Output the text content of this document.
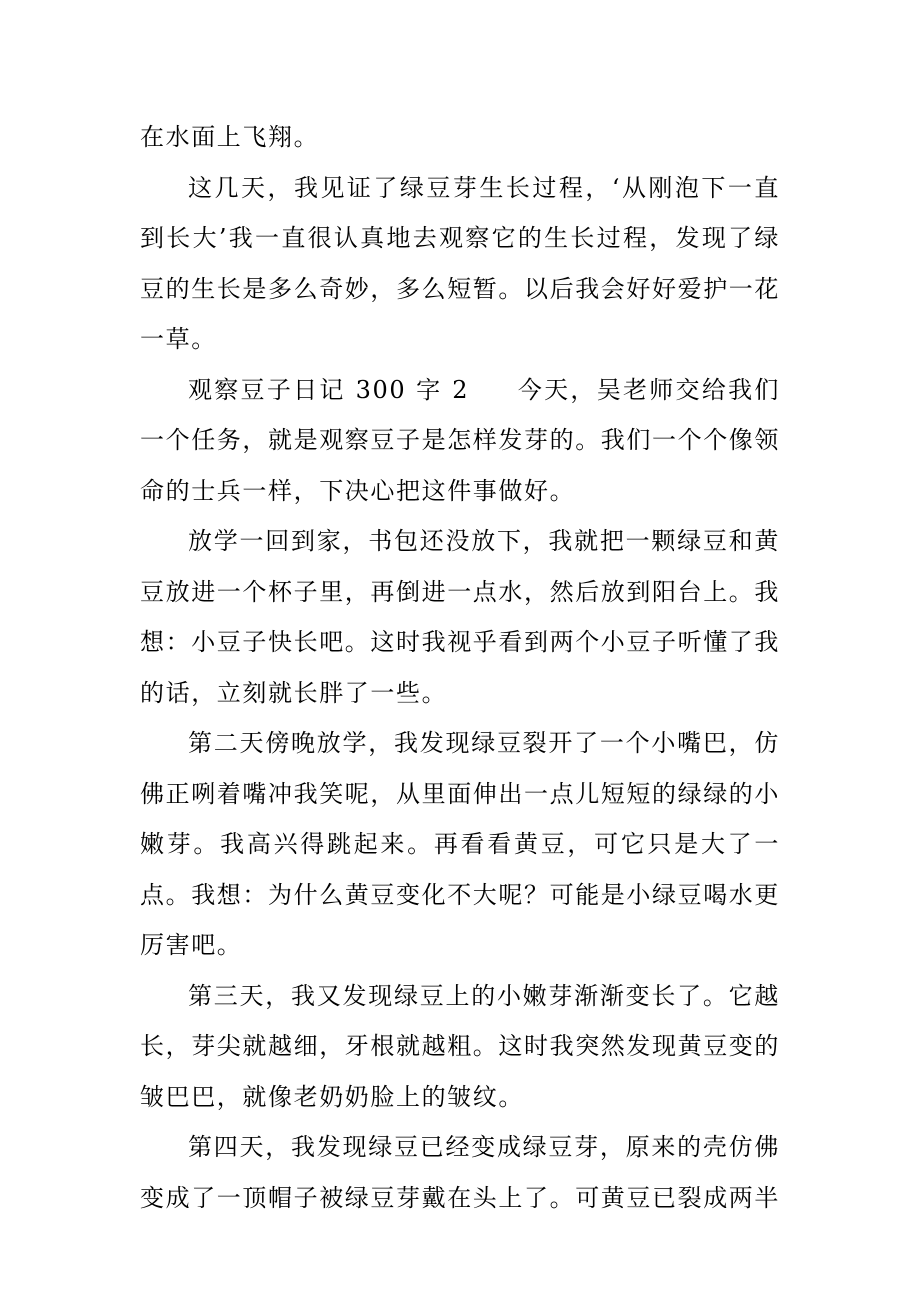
在水面上飞翔。

这几天，我见证了绿豆芽生长过程，‘从刚泡下一直到长大’我一直很认真地去观察它的生长过程，发现了绿豆的生长是多么奇妙，多么短暂。以后我会好好爱护一花一草。

观察豆子日记 300 字 2 今天，吴老师交给我们一个任务，就是观察豆子是怎样发芽的。我们一个个像领命的士兵一样，下决心把这件事做好。

放学一回到家，书包还没放下，我就把一颗绿豆和黄豆放进一个杯子里，再倒进一点水，然后放到阳台上。我想：小豆子快长吧。这时我视乎看到两个小豆子听懂了我的话，立刻就长胖了一些。

第二天傍晚放学，我发现绿豆裂开了一个小嘴巴，仿佛正咧着嘴冲我笑呢，从里面伸出一点儿短短的绿绿的小嫩芽。我高兴得跳起来。再看看黄豆，可它只是大了一点。我想：为什么黄豆变化不大呢？可能是小绿豆喝水更厉害吧。

第三天，我又发现绿豆上的小嫩芽渐渐变长了。它越长，芽尖就越细，牙根就越粗。这时我突然发现黄豆变的皱巴巴，就像老奶奶脸上的皱纹。

第四天，我发现绿豆已经变成绿豆芽，原来的壳仿佛变成了一顶帽子被绿豆芽戴在头上了。可黄豆已裂成两半
